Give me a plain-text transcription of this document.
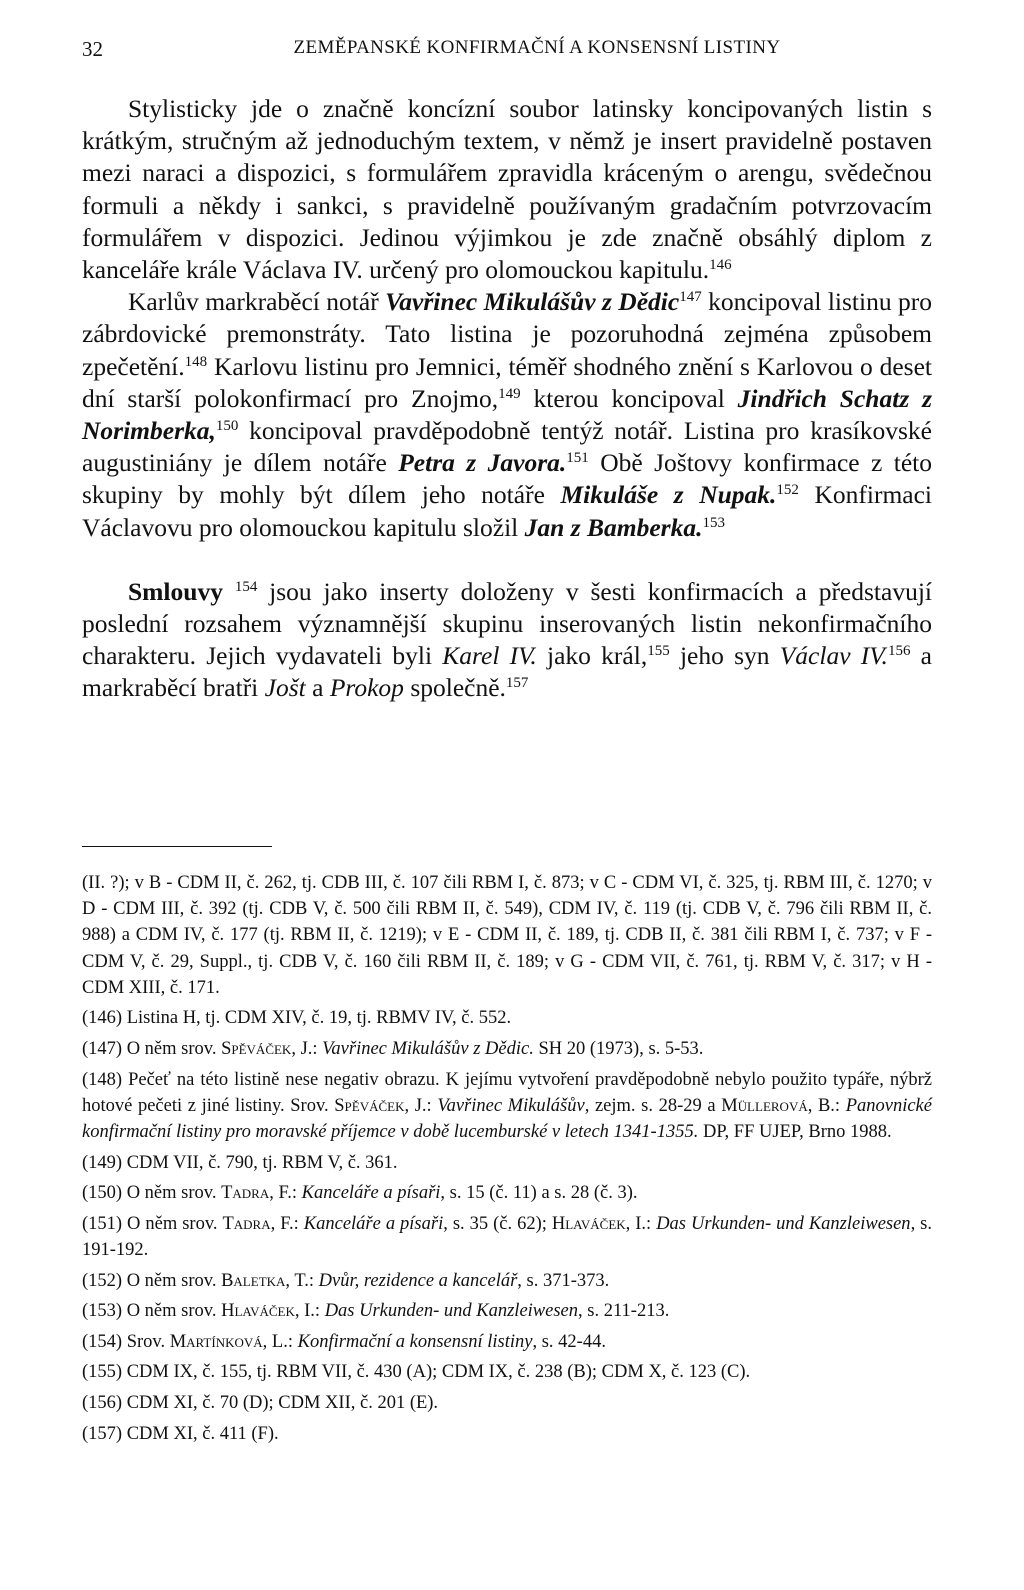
32	ZEMĚPANSKÉ KONFIRMAČNÍ A KONSENSNÍ LISTINY

Stylisticky jde o značně koncízní soubor latinsky koncipovaných listin s krátkým, stručným až jednoduchým textem, v němž je insert pravidelně postaven mezi naraci a dispozici, s formulářem zpravidla kráceným o arengu, svědečnou formuli a někdy i sankci, s pravidelně používaným gradačním potvrzovacím formulářem v dispozici. Jedinou výjimkou je zde značně obsáhlý diplom z kanceláře krále Václava IV. určený pro olomouckou kapitulu.$^{146}$

Karlův markraběcí notář Vavřinec Mikulášův z Dědic$^{147}$ koncipoval listinu pro zábrdovické premonstráty. Tato listina je pozoruhodná zejména způsobem zpečetění.$^{148}$ Karlovu listinu pro Jemnici, téměř shodného znění s Karlovou o deset dní starší polokonfirmací pro Znojmo,$^{149}$ kterou koncipoval Jindřich Schatz z Norimberka,$^{150}$ koncipoval pravděpodobně tentýž notář. Listina pro krasíkovské augustiniány je dílem notáře Petra z Javora.$^{151}$ Obě Joštovy konfirmace z této skupiny by mohly být dílem jeho notáře Mikuláše z Nupak.$^{152}$ Konfirmaci Václavovu pro olomouckou kapitulu složil Jan z Bamberka.$^{153}$

Smlouvy $^{154}$ jsou jako inserty doloženy v šesti konfirmacích a představují poslední rozsahem významnější skupinu inserovaných listin nekonfirmačního charakteru. Jejich vydavateli byli Karel IV. jako král,$^{155}$ jeho syn Václav IV.$^{156}$ a markraběcí bratři Jošt a Prokop společně.$^{157}$

(II. ?); v B - CDM II, č. 262, tj. CDB III, č. 107 čili RBM I, č. 873; v C - CDM VI, č. 325, tj. RBM III, č. 1270; v D - CDM III, č. 392 (tj. CDB V, č. 500 čili RBM II, č. 549), CDM IV, č. 119 (tj. CDB V, č. 796 čili RBM II, č. 988) a CDM IV, č. 177 (tj. RBM II, č. 1219); v E - CDM II, č. 189, tj. CDB II, č. 381 čili RBM I, č. 737; v F - CDM V, č. 29, Suppl., tj. CDB V, č. 160 čili RBM II, č. 189; v G - CDM VII, č. 761, tj. RBM V, č. 317; v H - CDM XIII, č. 171.

(146) Listina H, tj. CDM XIV, č. 19, tj. RBMV IV, č. 552.

(147) O něm srov. Spěváček, J.: Vavřinec Mikulášův z Dědic. SH 20 (1973), s. 5-53.

(148) Pečeť na této listině nese negativ obrazu. K jejímu vytvoření pravděpodobně nebylo použito typáře, nýbrž hotové pečeti z jiné listiny. Srov. Spěváček, J.: Vavřinec Mikulášův, zejm. s. 28-29 a Müllerová, B.: Panovnické konfirmační listiny pro moravské příjemce v době lucemburské v letech 1341-1355. DP, FF UJEP, Brno 1988.

(149) CDM VII, č. 790, tj. RBM V, č. 361.

(150) O něm srov. Tadra, F.: Kanceláře a písaři, s. 15 (č. 11) a s. 28 (č. 3).

(151) O něm srov. Tadra, F.: Kanceláře a písaři, s. 35 (č. 62); Hlaváček, I.: Das Urkunden- und Kanzleiwesen, s. 191-192.

(152) O něm srov. Baletka, T.: Dvůr, rezidence a kancelář, s. 371-373.

(153) O něm srov. Hlaváček, I.: Das Urkunden- und Kanzleiwesen, s. 211-213.

(154) Srov. Martínková, L.: Konfirmační a konsensní listiny, s. 42-44.

(155) CDM IX, č. 155, tj. RBM VII, č. 430 (A); CDM IX, č. 238 (B); CDM X, č. 123 (C).

(156) CDM XI, č. 70 (D); CDM XII, č. 201 (E).

(157) CDM XI, č. 411 (F).
